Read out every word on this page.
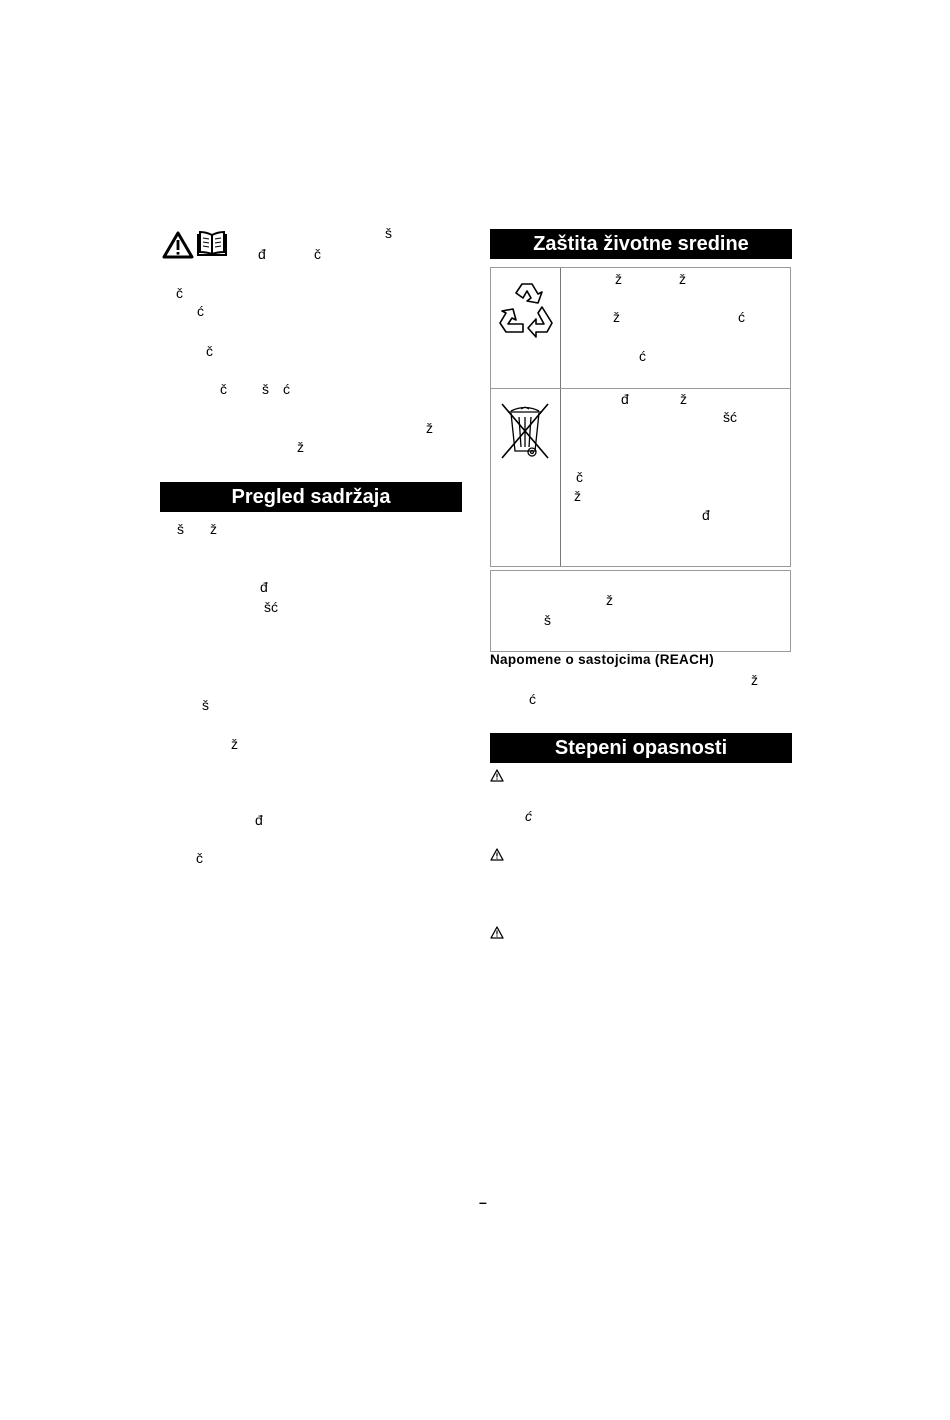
š
đ	č
č
ć
č
č	š ć
ž
ž
Pregled sadržaja
š ž
đ
šć
š
ž
đ
č
Zaštita životne sredine
ž	ž
ž	ć
ć
đ	ž
šć
č
ž
đ
ž
š
Napomene o sastojcima (REACH)
ž
ć
Stepeni opasnosti
ć
–
